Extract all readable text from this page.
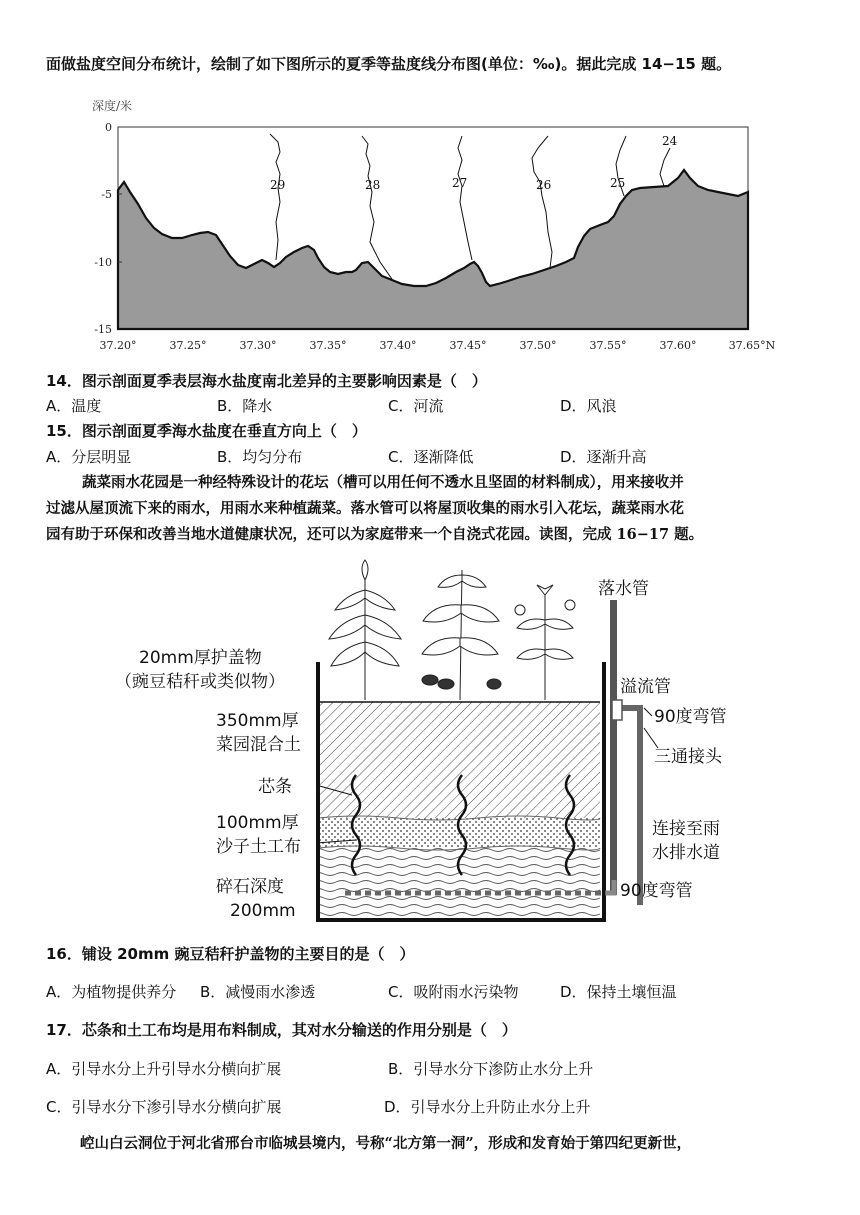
面做盐度空间分布统计，绘制了如下图所示的夏季等盐度线分布图(单位：‰)。据此完成 14−15 题。
深度/米
29	28	27	26	25
24
0
-5
-10
-15
37.20°	37.25°	37.30°	37.35°	37.40°	37.45°	37.50°	37.55°	37.60°	37.65°N
14．图示剖面夏季表层海水盐度南北差异的主要影响因素是（　）
A．温度	B．降水	C．河流	D．风浪
15．图示剖面夏季海水盐度在垂直方向上（　）
A．分层明显	B．均匀分布	C．逐渐降低	D．逐渐升高
蔬菜雨水花园是一种经特殊设计的花坛（槽可以用任何不透水且坚固的材料制成），用来接收并
过滤从屋顶流下来的雨水，用雨水来种植蔬菜。落水管可以将屋顶收集的雨水引入花坛，蔬菜雨水花
园有助于环保和改善当地水道健康状况，还可以为家庭带来一个自浇式花园。读图，完成 16−17 题。
20mm厚护盖物
（豌豆秸秆或类似物）
350mm厚
菜园混合土
芯条
100mm厚
沙子土工布
碎石深度
200mm
落水管
溢流管
90度弯管
三通接头
连接至雨
水排水道
90度弯管
16．铺设 20mm 豌豆秸秆护盖物的主要目的是（　）
A．为植物提供养分 B．减慢雨水渗透	C．吸附雨水污染物	D．保持土壤恒温
17．芯条和土工布均是用布料制成，其对水分输送的作用分别是（　）
A．引导水分上升引导水分横向扩展	B．引导水分下渗防止水分上升
C．引导水分下渗引导水分横向扩展	D．引导水分上升防止水分上升
崆山白云洞位于河北省邢台市临城县境内，号称“北方第一洞”，形成和发育始于第四纪更新世，
